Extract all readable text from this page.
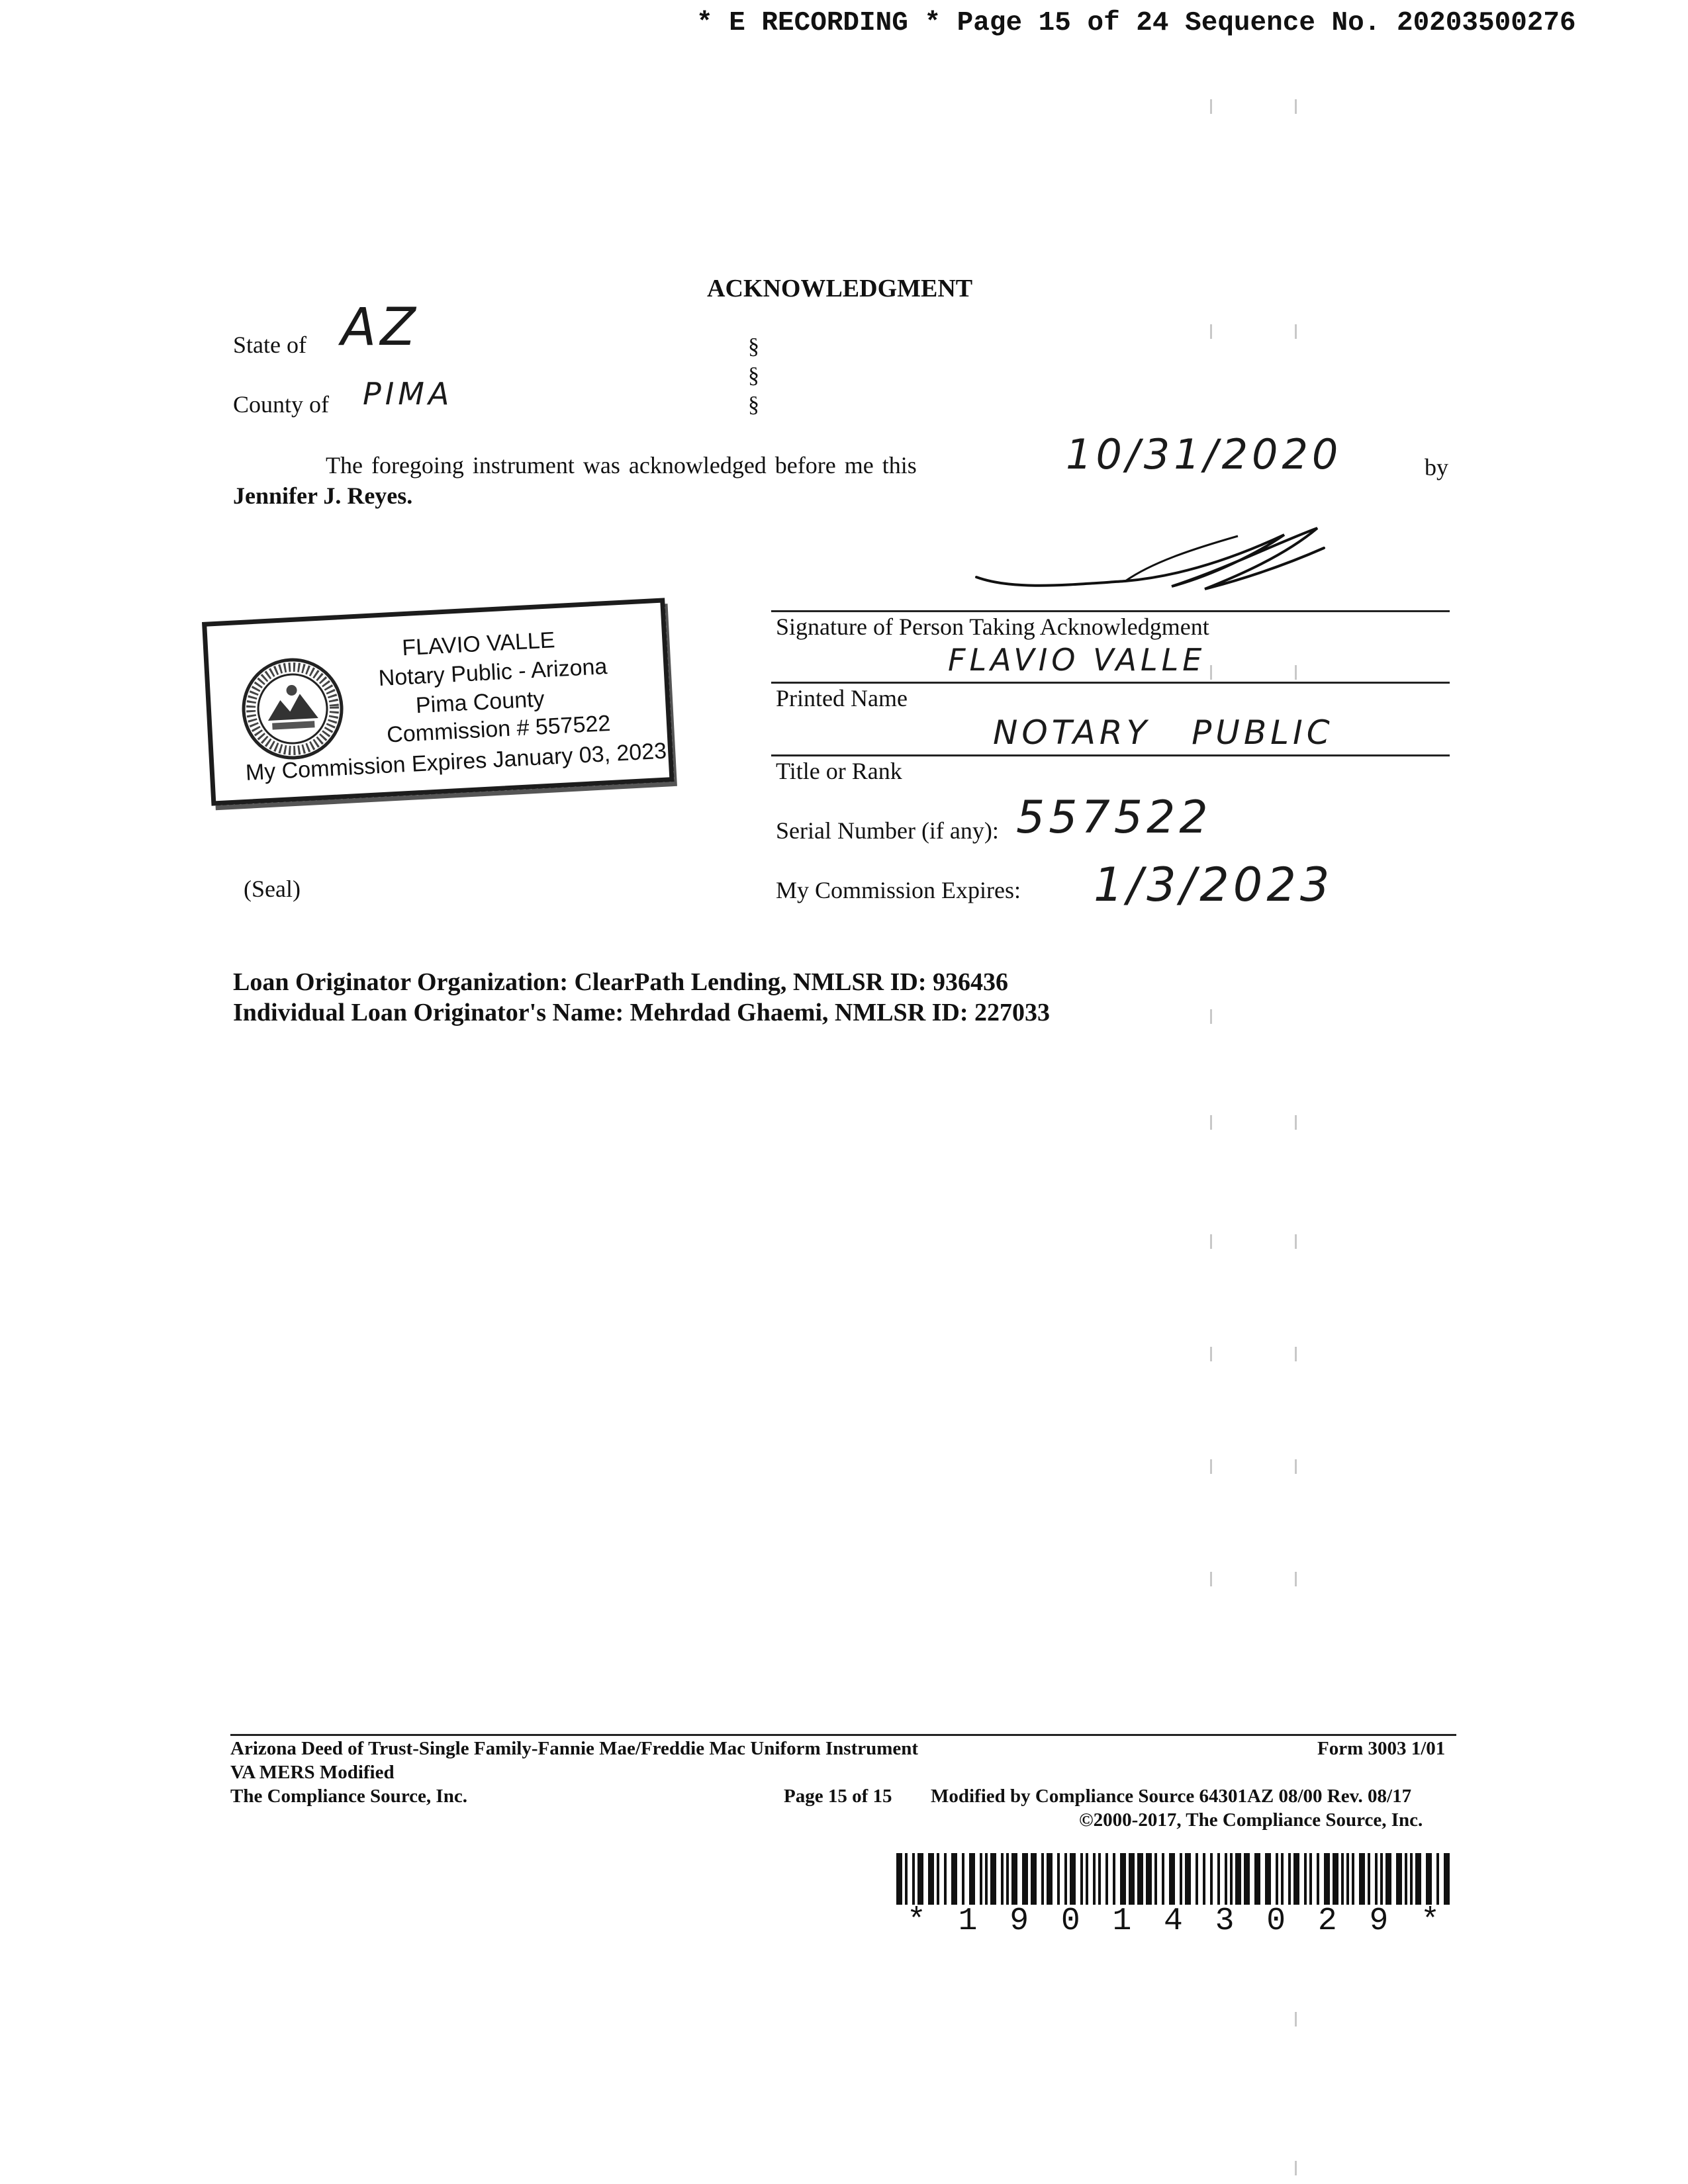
* E RECORDING * Page 15 of 24 Sequence No. 20203500276
ACKNOWLEDGMENT
State of AZ
County of PIMA
§
§
§
The foregoing instrument was acknowledged before me this	10/31/2020	by
Jennifer J. Reyes.
Signature of Person Taking Acknowledgment
FLAVIO VALLE
Printed Name
NOTARY PUBLIC
Title or Rank
Serial Number (if any): 557522
My Commission Expires: 1/3/2023
FLAVIO VALLE
Notary Public - Arizona
Pima County
Commission # 557522
My Commission Expires January 03, 2023
(Seal)
Loan Originator Organization: ClearPath Lending, NMLSR ID: 936436
Individual Loan Originator's Name: Mehrdad Ghaemi, NMLSR ID: 227033
Arizona Deed of Trust-Single Family-Fannie Mae/Freddie Mac Uniform Instrument	Form 3003 1/01
VA MERS Modified
The Compliance Source, Inc.	Page 15 of 15 Modified by Compliance Source 64301AZ 08/00 Rev. 08/17
©2000-2017, The Compliance Source, Inc.
* 1 9 0 1 4 3 0 2 9 *
